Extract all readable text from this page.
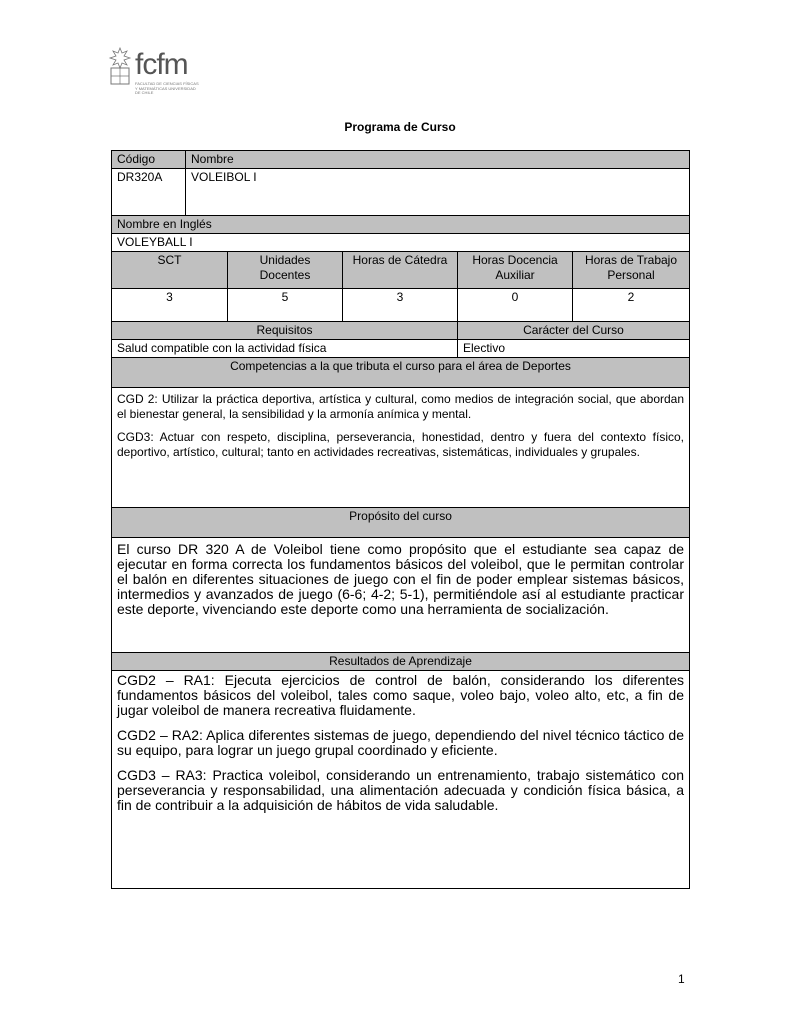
fcfm
FACULTAD DE CIENCIAS FÍSICAS Y MATEMÁTICAS UNIVERSIDAD DE CHILE
Programa de Curso
Código	Nombre				
DR320A	VOLEIBOL I				
Nombre en Inglés					
VOLEYBALL I					
SCT		Unidades Docentes	Horas de Cátedra	Horas Docencia Auxiliar	Horas de Trabajo Personal
3		5	3	0	2
Requisitos				Carácter del Curso	
Salud compatible con la actividad física				Electivo	
Competencias a la que tributa el curso para el área de Deportes					

CGD 2: Utilizar la práctica deportiva, artística y cultural, como medios de integración social, que abordan el bienestar general, la sensibilidad y la armonía anímica y mental.

CGD3: Actuar con respeto, disciplina, perseverancia, honestidad, dentro y fuera del contexto físico, deportivo, artístico, cultural; tanto en actividades recreativas, sistemáticas, individuales y grupales.					

Propósito del curso					

El curso DR 320 A de Voleibol tiene como propósito que el estudiante sea capaz de ejecutar en forma correcta los fundamentos básicos del voleibol, que le permitan controlar el balón en diferentes situaciones de juego con el fin de poder emplear sistemas básicos, intermedios y avanzados de juego (6-6; 4-2; 5-1), permitiéndole así al estudiante practicar este deporte, vivenciando este deporte como una herramienta de socialización.					

Resultados de Aprendizaje					

CGD2 – RA1: Ejecuta ejercicios de control de balón, considerando los diferentes fundamentos básicos del voleibol, tales como saque, voleo bajo, voleo alto, etc, a fin de jugar voleibol de manera recreativa fluidamente.

CGD2 – RA2: Aplica diferentes sistemas de juego, dependiendo del nivel técnico táctico de su equipo, para lograr un juego grupal coordinado y eficiente.

CGD3 – RA3: Practica voleibol, considerando un entrenamiento, trabajo sistemático con perseverancia y responsabilidad, una alimentación adecuada y condición física básica, a fin de contribuir a la adquisición de hábitos de vida saludable.					

1
